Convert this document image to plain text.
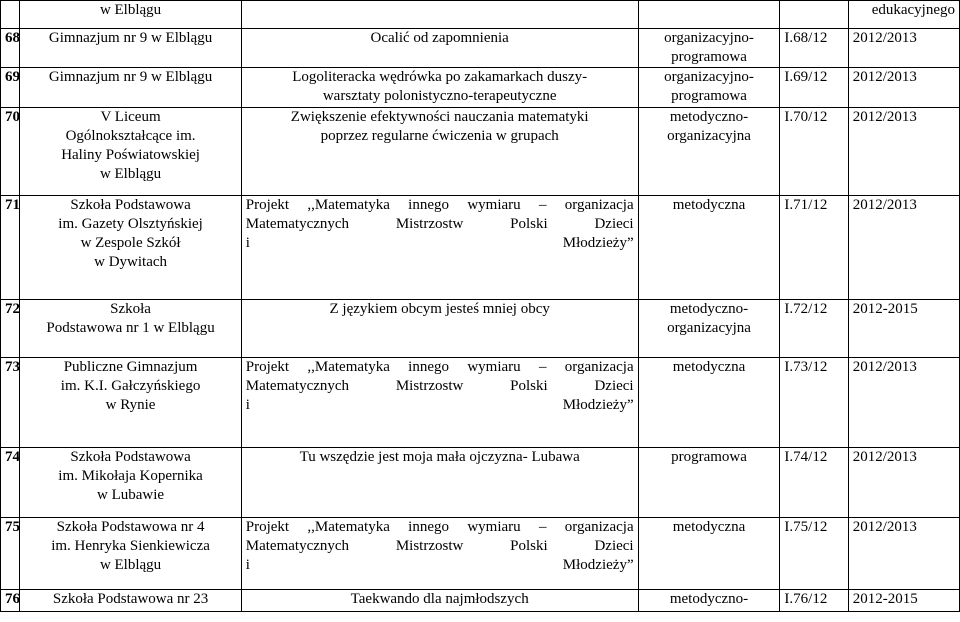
	w Elblągu				edukacyjnego

68	Gimnazjum nr 9 w Elblągu	Ocalić od zapomnienia	organizacyjno-
programowa	I.68/12	2012/2013

69	Gimnazjum nr 9 w Elblągu	Logoliteracka wędrówka po zakamarkach duszy-
warsztaty polonistyczno-terapeutyczne	organizacyjno-
programowa	I.69/12	2012/2013

70	V Liceum
Ogólnokształcące im.
Haliny Poświatowskiej
w Elblągu	Zwiększenie efektywności nauczania matematyki
poprzez regularne ćwiczenia w grupach	metodyczno-
organizacyjna	I.70/12	2012/2013

71	Szkoła Podstawowa
im. Gazety Olsztyńskiej
w Zespole Szkół
w Dywitach	Projekt ,,Matematyka innego wymiaru – organizacja
Matematycznych Mistrzostw Polski Dzieci
i Młodzieży”	metodyczna	I.71/12	2012/2013

72	Szkoła
Podstawowa nr 1 w Elblągu	Z językiem obcym jesteś mniej obcy	metodyczno-
organizacyjna	I.72/12	2012-2015

73	Publiczne Gimnazjum
im. K.I. Gałczyńskiego
w Rynie	Projekt ,,Matematyka innego wymiaru – organizacja
Matematycznych Mistrzostw Polski Dzieci
i Młodzieży”	metodyczna	I.73/12	2012/2013

74	Szkoła Podstawowa
im. Mikołaja Kopernika
w Lubawie	Tu wszędzie jest moja mała ojczyzna- Lubawa	programowa	I.74/12	2012/2013

75	Szkoła Podstawowa nr 4
im. Henryka Sienkiewicza
w Elblągu	Projekt ,,Matematyka innego wymiaru – organizacja
Matematycznych Mistrzostw Polski Dzieci
i Młodzieży”	metodyczna	I.75/12	2012/2013

76	Szkoła Podstawowa nr 23	Taekwando dla najmłodszych	metodyczno-	I.76/12	2012-2015
